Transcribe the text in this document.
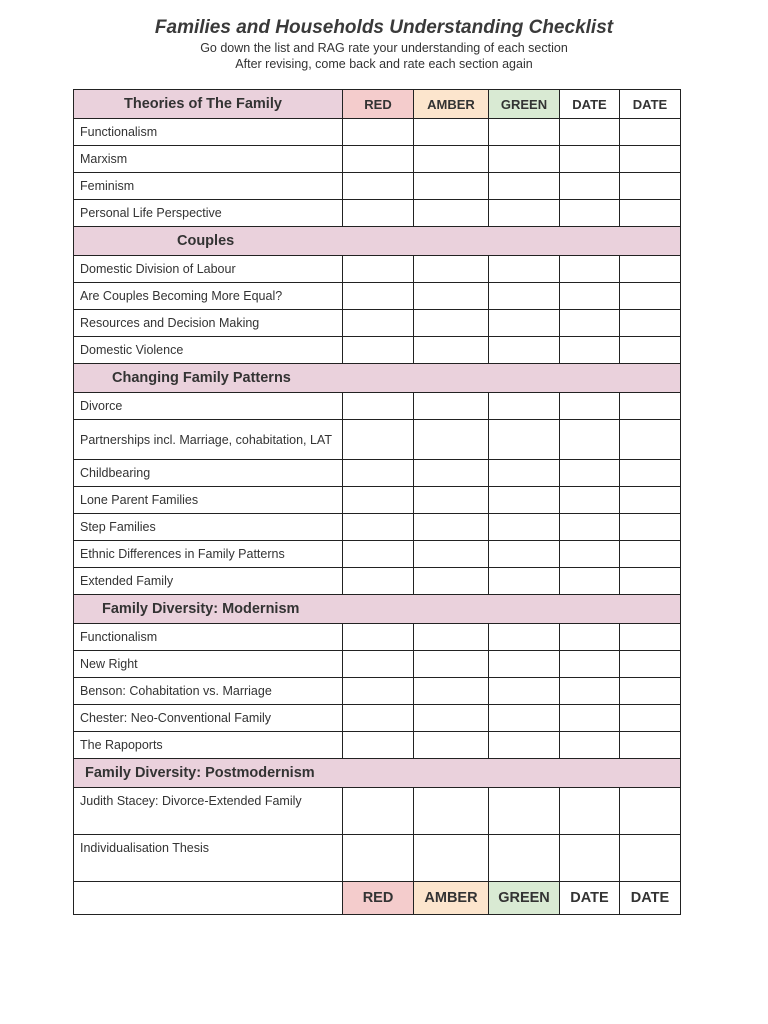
Families and Households Understanding Checklist
Go down the list and RAG rate your understanding of each section
After revising, come back and rate each section again
Theories of The Family	RED	AMBER	GREEN	DATE	DATE
Functionalism					
Marxism					
Feminism					
Personal Life Perspective					
Couples					
Domestic Division of Labour					
Are Couples Becoming More Equal?					
Resources and Decision Making					
Domestic Violence					
Changing Family Patterns					
Divorce					
Partnerships incl. Marriage, cohabitation, LAT					
Childbearing					
Lone Parent Families					
Step Families					
Ethnic Differences in Family Patterns					
Extended Family					
Family Diversity: Modernism					
Functionalism					
New Right					
Benson: Cohabitation vs. Marriage					
Chester: Neo-Conventional Family					
The Rapoports					
Family Diversity: Postmodernism					
Judith Stacey: Divorce-Extended Family					
Individualisation Thesis					
	RED	AMBER	GREEN	DATE	DATE
